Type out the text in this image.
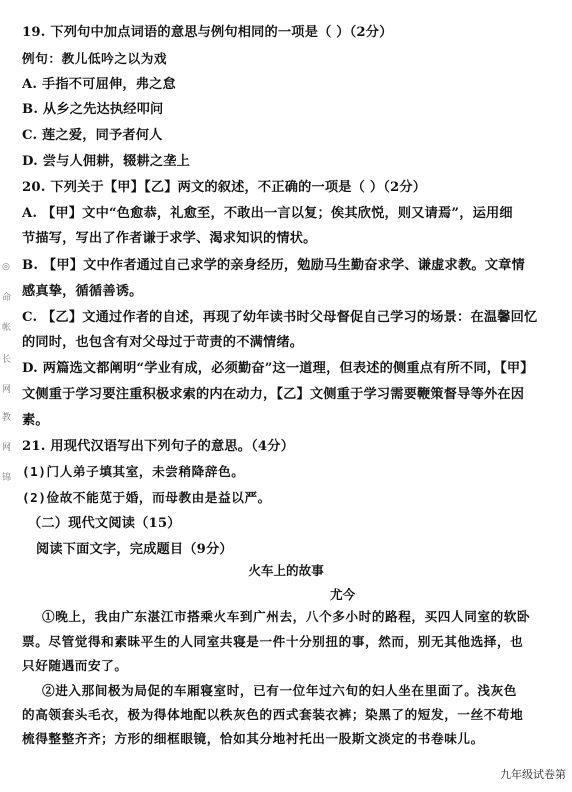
◎
命
帐
长
网
教
网
锦
19. 下列句中加点词语的意思与例句相同的一项是（ ）（2分）
例句：教儿低吟之以为戏
A. 手指不可屈伸，弗之怠
B. 从乡之先达执经叩问
C. 莲之爱，同予者何人
D. 尝与人佣耕，辍耕之垄上
20. 下列关于【甲】【乙】两文的叙述，不正确的一项是（ ）（2分）
A. 【甲】文中“色愈恭，礼愈至，不敢出一言以复；俟其欣悦，则又请焉”，运用细
节描写，写出了作者谦于求学、渴求知识的情状。
B. 【甲】文中作者通过自己求学的亲身经历，勉励马生勤奋求学、谦虚求教。文章情
感真挚，循循善诱。
C. 【乙】文通过作者的自述，再现了幼年读书时父母督促自己学习的场景：在温馨回忆
的同时，也包含有对父母过于苛责的不满情绪。
D. 两篇选文都阐明“学业有成，必须勤奋”这一道理，但表述的侧重点有所不同，【甲】
文侧重于学习要注重积极求索的内在动力，【乙】文侧重于学习需要鞭策督导等外在因
素。
21. 用现代汉语写出下列句子的意思。（4分）
(1)门人弟子填其室，未尝稍降辞色。
(2)俭故不能苋于婚，而母教由是益以严。
（二）现代文阅读（15）
阅读下面文字，完成题目（9分）
火车上的故事
尤今
①晚上，我由广东湛江市搭乘火车到广州去，八个多小时的路程，买四人同室的软卧
票。尽管觉得和素昧平生的人同室共寝是一件十分别扭的事，然而，别无其他选择，也
只好随遇而安了。
②进入那间极为局促的车厢寝室时，已有一位年过六旬的妇人坐在里面了。浅灰色
的高领套头毛衣，极为得体地配以秩灰色的西式套装衣裤；染黑了的短发，一丝不苟地
梳得整整齐齐；方形的细框眼镜，恰如其分地衬托出一股斯文淡定的书卷味儿。
九年级试卷第
